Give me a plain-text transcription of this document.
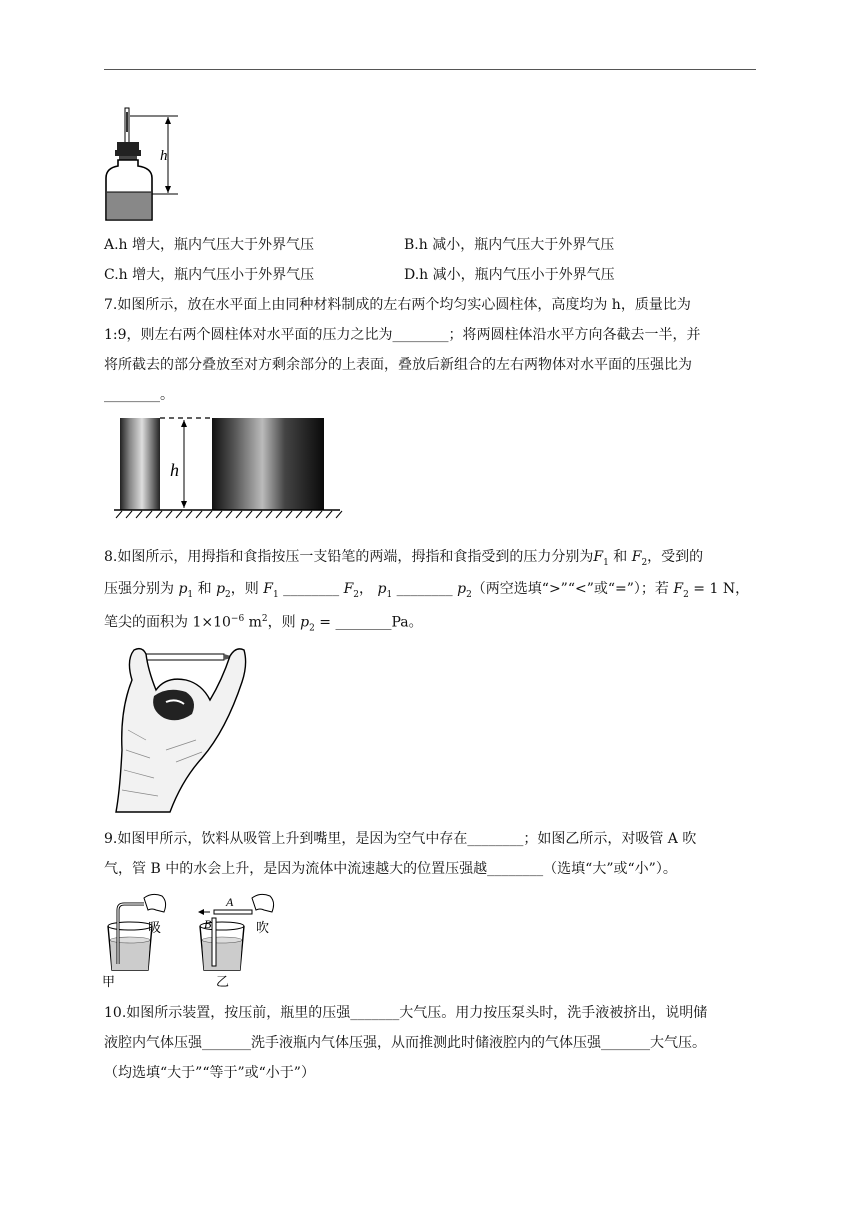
h
A.h 增大，瓶内气压大于外界气压	B.h 减小，瓶内气压大于外界气压
C.h 增大，瓶内气压小于外界气压	D.h 减小，瓶内气压小于外界气压
7.如图所示，放在水平面上由同种材料制成的左右两个均匀实心圆柱体，高度均为 h，质量比为
1:9，则左右两个圆柱体对水平面的压力之比为________；将两圆柱体沿水平方向各截去一半，并
将所截去的部分叠放至对方剩余部分的上表面，叠放后新组合的左右两物体对水平面的压强比为
________。
h
8.如图所示，用拇指和食指按压一支铅笔的两端，拇指和食指受到的压力分别为$F_1$ 和 $F_2$，受到的
压强分别为 $p_1$ 和 $p_2$，则 $F_1$ ________ $F_2$， $p_1$ ________ $p_2$（两空选填“>”“<”或“=”）；若 $F_2 = 1$ N，
笔尖的面积为 $1\times 10^{-6}$ $m^2$，则 $p_2$ = ________Pa。
9.如图甲所示，饮料从吸管上升到嘴里，是因为空气中存在________；如图乙所示，对吸管 A 吹
气，管 B 中的水会上升，是因为流体中流速越大的位置压强越________（选填“大”或“小”）。
吸
甲
A
B	吹
乙
10.如图所示装置，按压前，瓶里的压强_______大气压。用力按压泵头时，洗手液被挤出，说明储
液腔内气体压强_______洗手液瓶内气体压强，从而推测此时储液腔内的气体压强_______大气压。
（均选填“大于”“等于”或“小于”）
